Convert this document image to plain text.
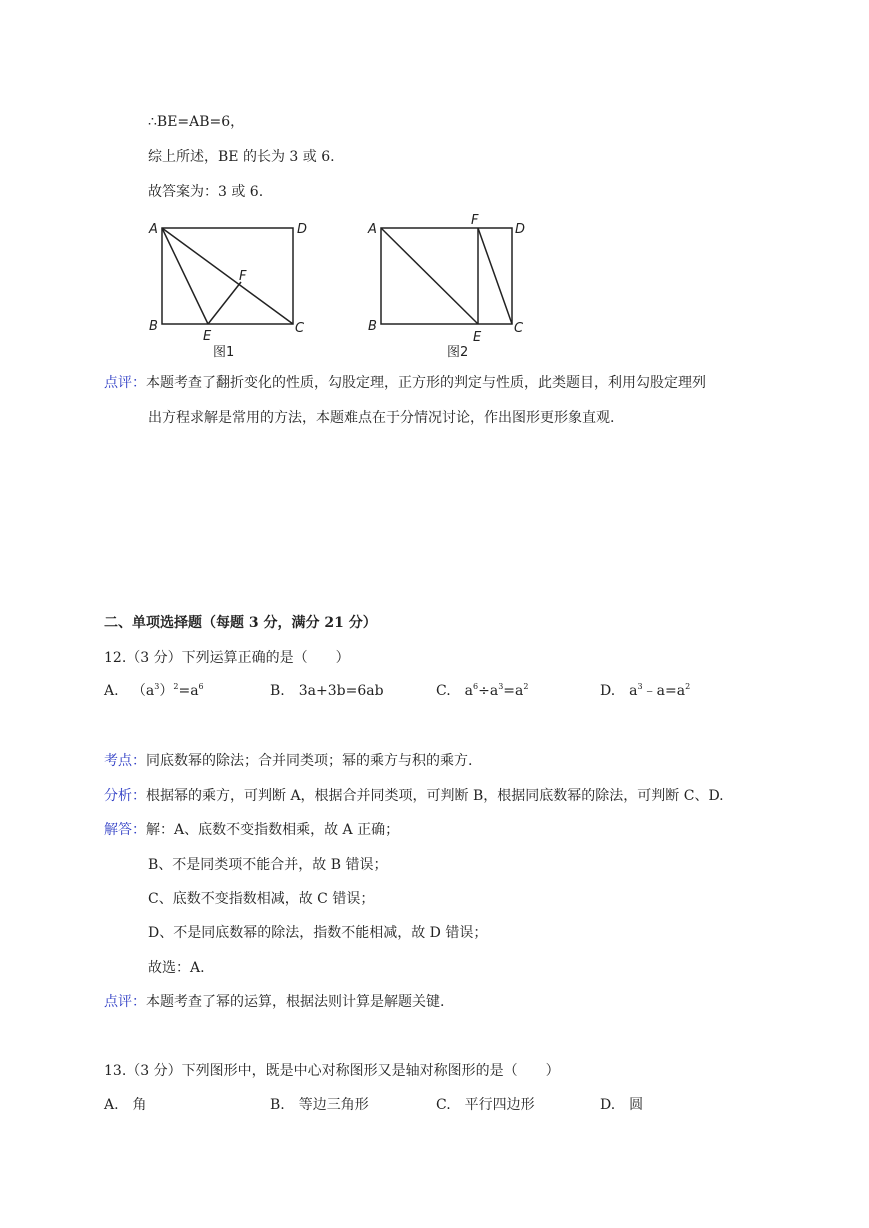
∴BE=AB=6，
综上所述，BE 的长为 3 或 6.
故答案为：3 或 6.
A	D
B	C
E
F
图1
A
F
D
B	C
E
图2
点评：本题考查了翻折变化的性质，勾股定理，正方形的判定与性质，此类题目，利用勾股定理列
出方程求解是常用的方法，本题难点在于分情况讨论，作出图形更形象直观.
二、单项选择题（每题 3 分，满分 21 分）
12.（3 分）下列运算正确的是（　　）
A. $(a^3)^2=a^6$	B.　3a+3b=6ab	C.　$a^6\div a^3=a^2$	D.　$a^3﹣a=a^2$
考点：同底数幂的除法；合并同类项；幂的乘方与积的乘方.
分析：根据幂的乘方，可判断 A，根据合并同类项，可判断 B，根据同底数幂的除法，可判断 C、D.
解答：解：A、底数不变指数相乘，故 A 正确；
B、不是同类项不能合并，故 B 错误；
C、底数不变指数相减，故 C 错误；
D、不是同底数幂的除法，指数不能相减，故 D 错误；
故选：A.
点评：本题考查了幂的运算，根据法则计算是解题关键.
13.（3 分）下列图形中，既是中心对称图形又是轴对称图形的是（　　）
A.　角	B.　等边三角形	C.　平行四边形	D.　圆
